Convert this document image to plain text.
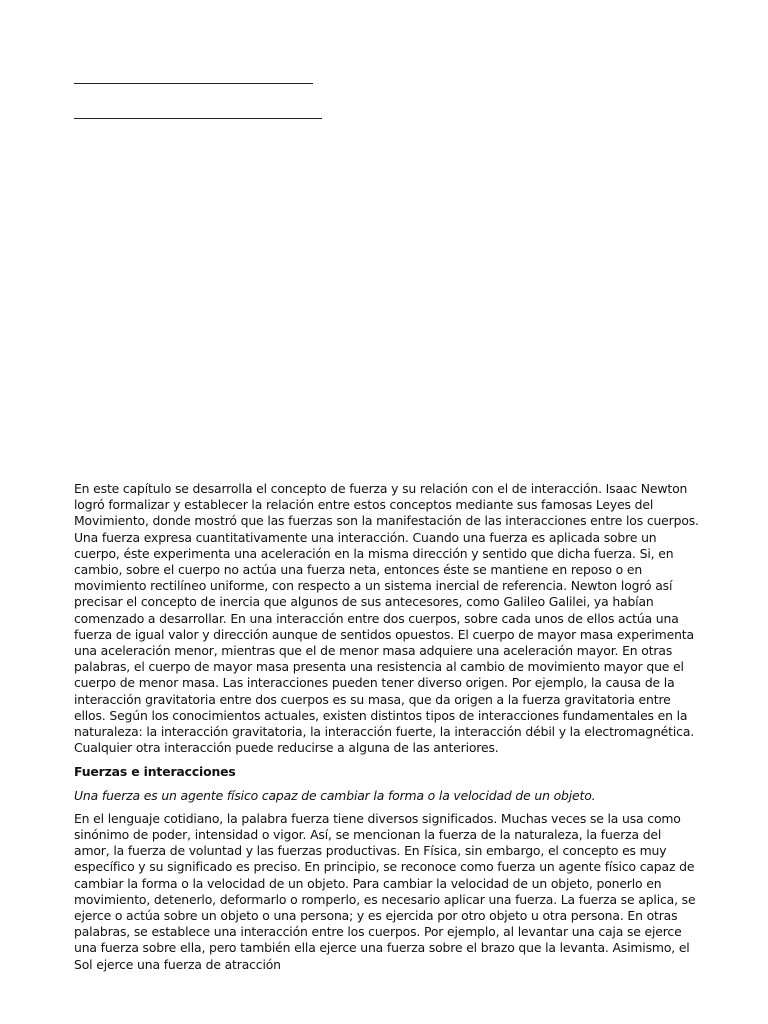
En este capítulo se desarrolla el concepto de fuerza y su relación con el de interacción. Isaac Newton logró formalizar y establecer la relación entre estos conceptos mediante sus famosas Leyes del Movimiento, donde mostró que las fuerzas son la manifestación de las interacciones entre los cuerpos. Una fuerza expresa cuantitativamente una interacción. Cuando una fuerza es aplicada sobre un cuerpo, éste experimenta una aceleración en la misma dirección y sentido que dicha fuerza. Si, en cambio, sobre el cuerpo no actúa una fuerza neta, entonces éste se mantiene en reposo o en movimiento rectilíneo uniforme, con respecto a un sistema inercial de referencia. Newton logró así precisar el concepto de inercia que algunos de sus antecesores, como Galileo Galilei, ya habían comenzado a desarrollar. En una interacción entre dos cuerpos, sobre cada unos de ellos actúa una fuerza de igual valor y dirección aunque de sentidos opuestos. El cuerpo de mayor masa experimenta una aceleración menor, mientras que el de menor masa adquiere una aceleración mayor. En otras palabras, el cuerpo de mayor masa presenta una resistencia al cambio de movimiento mayor que el cuerpo de menor masa. Las interacciones pueden tener diverso origen. Por ejemplo, la causa de la interacción gravitatoria entre dos cuerpos es su masa, que da origen a la fuerza gravitatoria entre ellos. Según los conocimientos actuales, existen distintos tipos de interacciones fundamentales en la naturaleza: la interacción gravitatoria, la interacción fuerte, la interacción débil y la electromagnética. Cualquier otra interacción puede reducirse a alguna de las anteriores.

Fuerzas e interacciones

Una fuerza es un agente físico capaz de cambiar la forma o la velocidad de un objeto.

En el lenguaje cotidiano, la palabra fuerza tiene diversos significados. Muchas veces se la usa como sinónimo de poder, intensidad o vigor. Así, se mencionan la fuerza de la naturaleza, la fuerza del amor, la fuerza de voluntad y las fuerzas productivas. En Física, sin embargo, el concepto es muy específico y su significado es preciso. En principio, se reconoce como fuerza un agente físico capaz de cambiar la forma o la velocidad de un objeto. Para cambiar la velocidad de un objeto, ponerlo en movimiento, detenerlo, deformarlo o romperlo, es necesario aplicar una fuerza. La fuerza se aplica, se ejerce o actúa sobre un objeto o una persona; y es ejercida por otro objeto u otra persona. En otras palabras, se establece una interacción entre los cuerpos. Por ejemplo, al levantar una caja se ejerce una fuerza sobre ella, pero también ella ejerce una fuerza sobre el brazo que la levanta. Asimismo, el Sol ejerce una fuerza de atracción
